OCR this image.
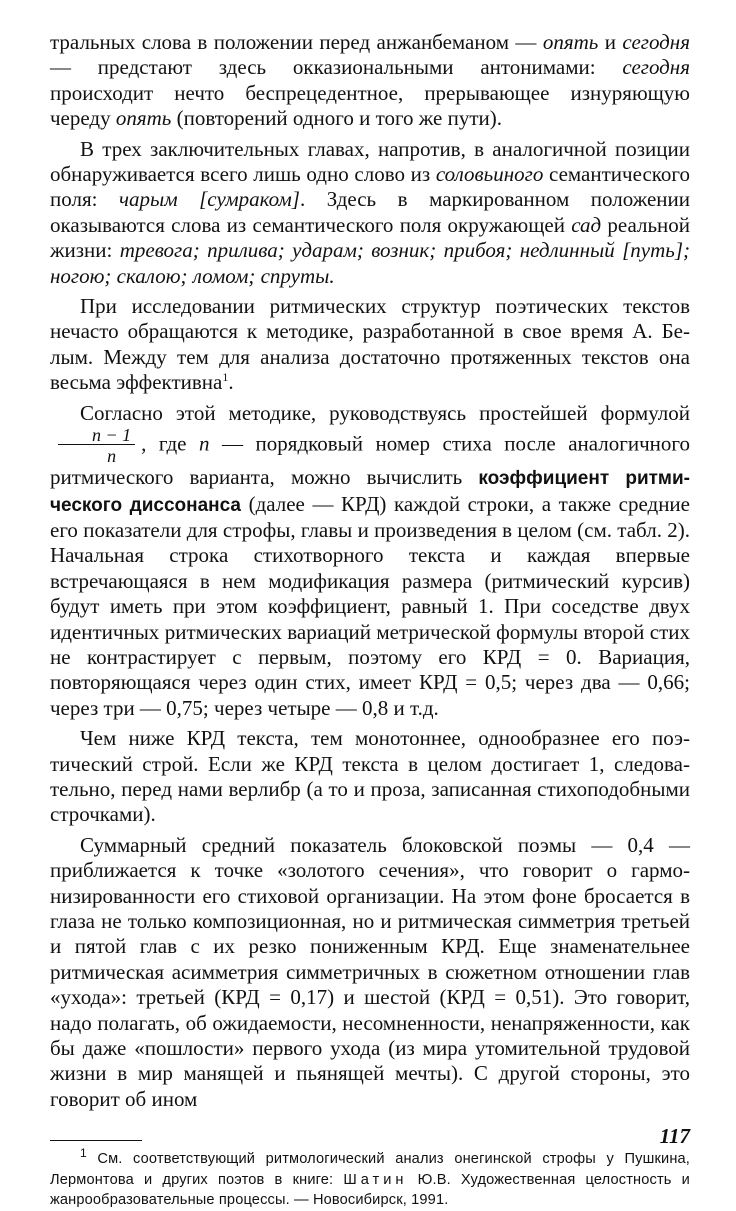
тральных слова в положении перед анжанбеманом — опять и сегодня — предстают здесь окказиональными антонимами: сегодня происходит нечто беспрецедентное, прерывающее изнуряющую череду опять (повторений одного и того же пути).

В трех заключительных главах, напротив, в аналогичной позиции обнаруживается всего лишь одно слово из соловьиного семантического поля: чарым [сумраком]. Здесь в маркированном положении оказываются слова из семантического поля окружающей сад реальной жизни: тревога; прилива; ударам; возник; прибоя; недлинный [путь]; ногою; скалою; ломом; спруты.

При исследовании ритмических структур поэтических текстов нечасто обращаются к методике, разработанной в свое время А. Белым. Между тем для анализа достаточно протяженных текстов она весьма эффективна$^1$.

Согласно этой методике, руководствуясь простейшей формулой
$\frac{n - 1}{n}$ , где n — порядковый номер стиха после аналогичного ритмического варианта, можно вычислить коэффициент ритмического диссонанса (далее — КРД) каждой строки, а также средние его показатели для строфы, главы и произведения в целом (см. табл. 2). Начальная строка стихотворного текста и каждая впервые встречающаяся в нем модификация размера (ритмический курсив) будут иметь при этом коэффициент, равный 1. При соседстве двух идентичных ритмических вариаций метрической формулы второй стих не контрастирует с первым, поэтому его КРД = 0. Вариация, повторяющаяся через один стих, имеет КРД = 0,5; через два — 0,66; через три — 0,75; через четыре — 0,8 и т.д.

Чем ниже КРД текста, тем монотоннее, однообразнее его поэтический строй. Если же КРД текста в целом достигает 1, следовательно, перед нами верлибр (а то и проза, записанная стихоподобными строчками).

Суммарный средний показатель блоковской поэмы — 0,4 — приближается к точке «золотого сечения», что говорит о гармонизированности его стиховой организации. На этом фоне бросается в глаза не только композиционная, но и ритмическая симметрия третьей и пятой глав с их резко пониженным КРД. Еще знаменательнее ритмическая асимметрия симметричных в сюжетном отношении глав «ухода»: третьей (КРД = 0,17) и шестой (КРД = 0,51). Это говорит, надо полагать, об ожидаемости, несомненности, ненапряженности, как бы даже «пошлости» первого ухода (из мира утомительной трудовой жизни в мир манящей и пьянящей мечты). С другой стороны, это говорит об ином

$^1$ См. соответствующий ритмологический анализ онегинской строфы у Пушкина, Лермонтова и других поэтов в книге: Шатин Ю.В. Художественная целостность и жанрообразовательные процессы. — Новосибирск, 1991.
117
